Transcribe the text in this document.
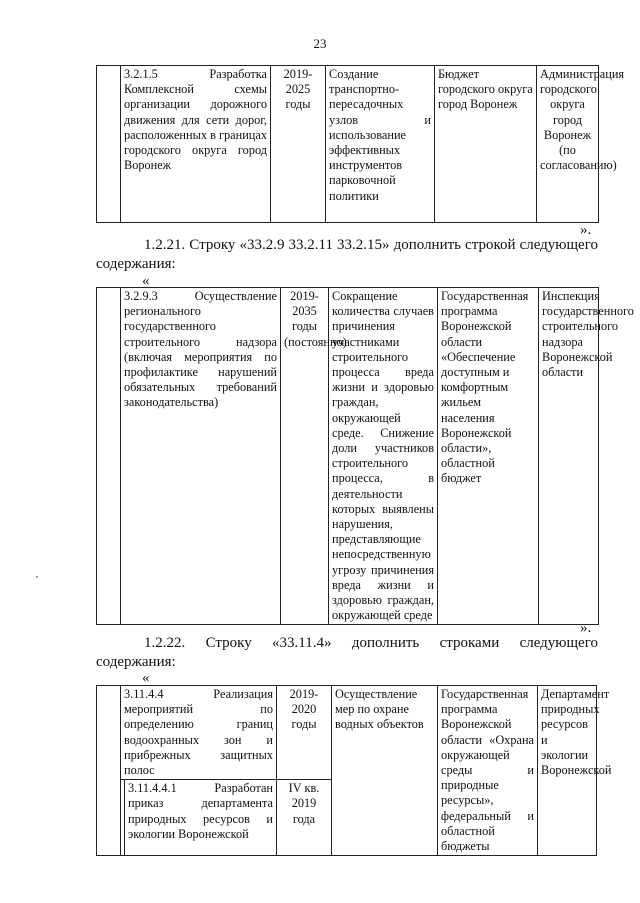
23
	3.2.1.5 Разработка Комплексной схемы организации дорожного движения для сети дорог, расположенных в границах городского округа город Воронеж	2019-2025 годы	Создание транспортно-пересадочных узлов и использование эффективных инструментов парковочной политики	Бюджет городского округа город Воронеж	Администрация городского округа город Воронеж (по согласованию)
».

1.2.21. Строку «33.2.9 33.2.11 33.2.15» дополнить строкой следующего содержания:

«
	3.2.9.3 Осуществление регионального государственного строительного надзора (включая мероприятия по профилактике нарушений обязательных требований законодательства)	2019-2035 годы (постоянно)	Сокращение количества случаев причинения участниками строительного процесса вреда жизни и здоровью граждан, окружающей среде. Снижение доли участников строительного процесса, в деятельности которых выявлены нарушения, представляющие непосредственную угрозу причинения вреда жизни и здоровью граждан, окружающей среде	Государственная программа Воронежской области «Обеспечение доступным и комфортным жильем населения Воронежской области», областной бюджет	Инспекция государственного строительного надзора Воронежской области
».

1.2.22. Строку «33.11.4» дополнить строками следующего содержания:

«
	3.11.4.4 Реализация мероприятий по определению границ водоохранных зон и прибрежных защитных полос		2019-2020 годы	Осуществление мер по охране водных объектов	Государственная программа Воронежской области «Охрана окружающей среды и природные ресурсы», федеральный и областной бюджеты	Департамент природных ресурсов и экологии Воронежской
		3.11.4.4.1 Разработан приказ департамента природных ресурсов и экологии Воронежской	IV кв. 2019 года			
